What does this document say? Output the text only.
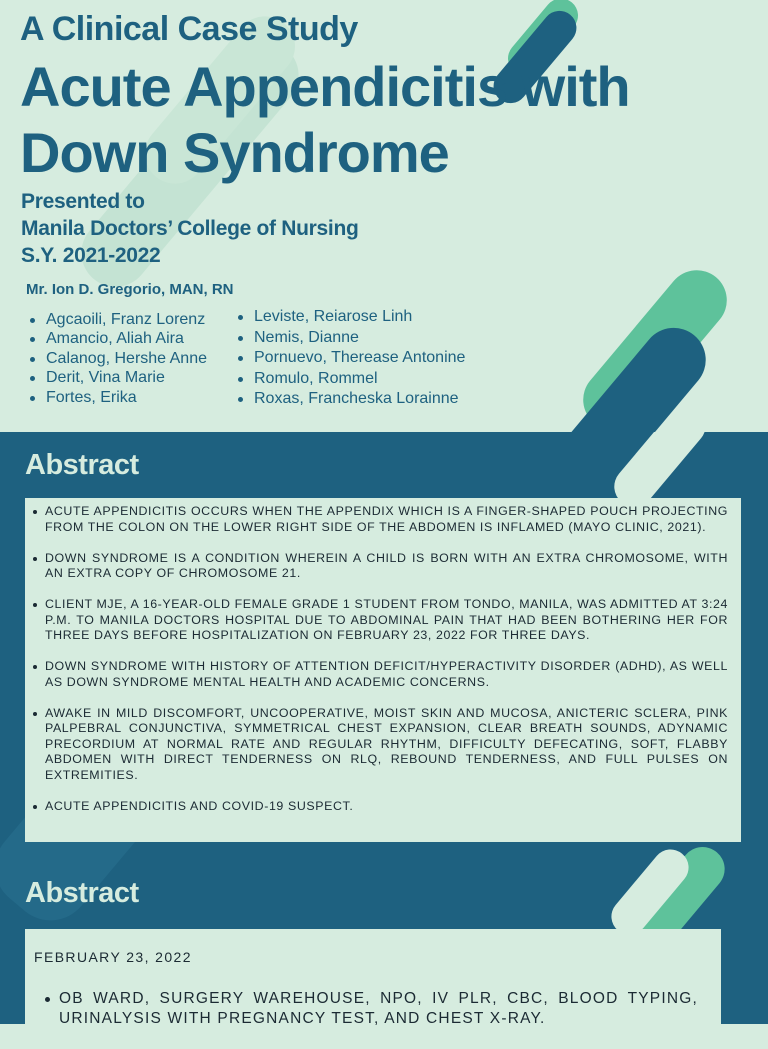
A Clinical Case Study
Acute Appendicitis with Down Syndrome
Presented to
Manila Doctors’ College of Nursing
S.Y. 2021-2022
Mr. Ion D. Gregorio, MAN, RN
Agcaoili, Franz Lorenz
Amancio, Aliah Aira
Calanog, Hershe Anne
Derit, Vina Marie
Fortes, Erika
Leviste, Reiarose Linh
Nemis, Dianne
Pornuevo, Therease Antonine
Romulo, Rommel
Roxas, Francheska Lorainne
Abstract
Abstract
ACUTE APPENDICITIS OCCURS WHEN THE APPENDIX WHICH IS A FINGER-SHAPED POUCH PROJECTING FROM THE COLON ON THE LOWER RIGHT SIDE OF THE ABDOMEN IS INFLAMED (MAYO CLINIC, 2021).
DOWN SYNDROME IS A CONDITION WHEREIN A CHILD IS BORN WITH AN EXTRA CHROMOSOME, WITH AN EXTRA COPY OF CHROMOSOME 21.
CLIENT MJE, A 16-YEAR-OLD FEMALE GRADE 1 STUDENT FROM TONDO, MANILA, WAS ADMITTED AT 3:24 P.M. TO MANILA DOCTORS HOSPITAL DUE TO ABDOMINAL PAIN THAT HAD BEEN BOTHERING HER FOR THREE DAYS BEFORE HOSPITALIZATION ON FEBRUARY 23, 2022 FOR THREE DAYS.
DOWN SYNDROME WITH HISTORY OF ATTENTION DEFICIT/HYPERACTIVITY DISORDER (ADHD), AS WELL AS DOWN SYNDROME MENTAL HEALTH AND ACADEMIC CONCERNS.
AWAKE IN MILD DISCOMFORT, UNCOOPERATIVE, MOIST SKIN AND MUCOSA, ANICTERIC SCLERA, PINK PALPEBRAL CONJUNCTIVA, SYMMETRICAL CHEST EXPANSION, CLEAR BREATH SOUNDS, ADYNAMIC PRECORDIUM AT NORMAL RATE AND REGULAR RHYTHM, DIFFICULTY DEFECATING, SOFT, FLABBY ABDOMEN WITH DIRECT TENDERNESS ON RLQ, REBOUND TENDERNESS, AND FULL PULSES ON EXTREMITIES.
ACUTE APPENDICITIS AND COVID-19 SUSPECT.
FEBRUARY 23, 2022
OB WARD, SURGERY WAREHOUSE, NPO, IV PLR, CBC, BLOOD TYPING, URINALYSIS WITH PREGNANCY TEST, AND CHEST X-RAY.
